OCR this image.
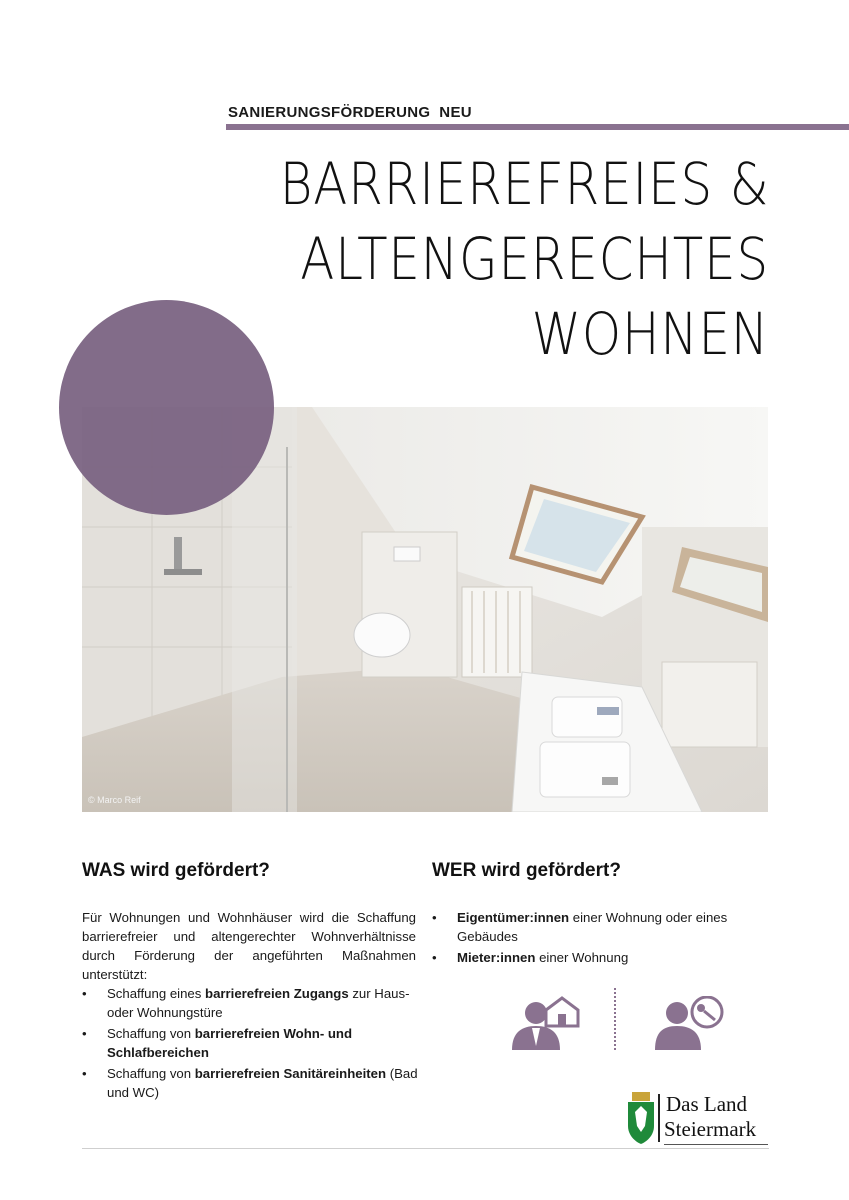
SANIERUNGSFÖRDERUNG  NEU
© Marco Reif
BARRIEREFREIES &
ALTENGERECHTES
WOHNEN
WAS wird gefördert?
Für Wohnungen und Wohnhäuser wird die Schaffung barrierefreier und altengerechter Wohnverhältnisse durch Förderung der angeführten Maßnahmen unterstützt:
• Schaffung eines barrierefreien Zugangs zur Haus- oder Wohnungstüre
• Schaffung von barrierefreien Wohn- und Schlafbereichen
• Schaffung von barrierefreien Sanitäreinheiten (Bad und WC)
WER wird gefördert?
• Eigentümer:innen einer Wohnung oder eines Gebäudes
• Mieter:innen einer Wohnung
Das Land
Steiermark
